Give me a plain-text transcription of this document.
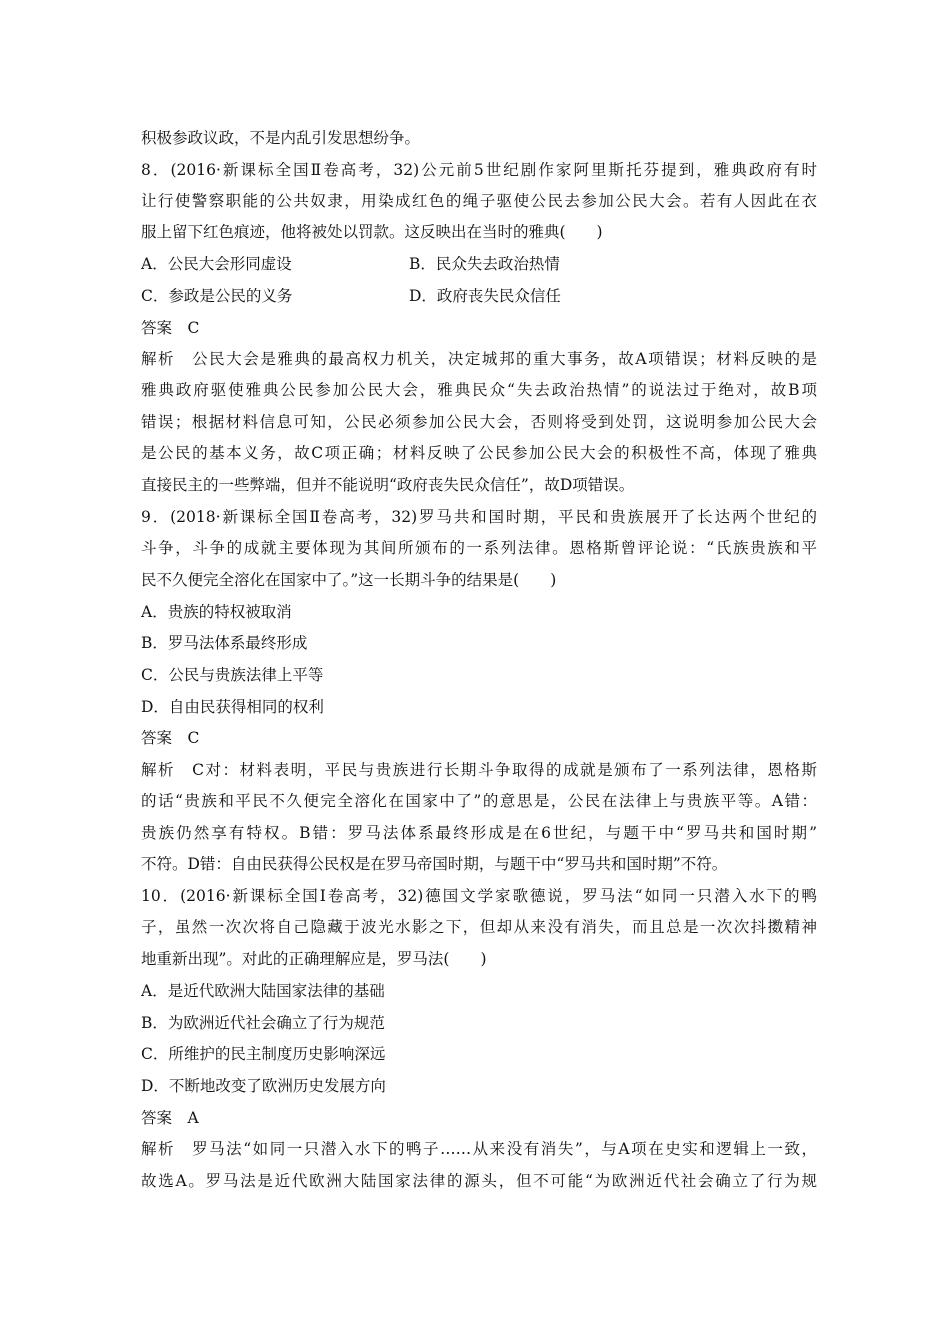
积极参政议政，不是内乱引发思想纷争。
8．(2016·新课标全国Ⅱ卷高考，32)公元前5世纪剧作家阿里斯托芬提到，雅典政府有时
让行使警察职能的公共奴隶，用染成红色的绳子驱使公民去参加公民大会。若有人因此在衣
服上留下红色痕迹，他将被处以罚款。这反映出在当时的雅典(　　)
A．公民大会形同虚设	B．民众失去政治热情
C．参政是公民的义务	D．政府丧失民众信任
答案　C
解析　公民大会是雅典的最高权力机关，决定城邦的重大事务，故A项错误；材料反映的是
雅典政府驱使雅典公民参加公民大会，雅典民众“失去政治热情”的说法过于绝对，故B项
错误；根据材料信息可知，公民必须参加公民大会，否则将受到处罚，这说明参加公民大会
是公民的基本义务，故C项正确；材料反映了公民参加公民大会的积极性不高，体现了雅典
直接民主的一些弊端，但并不能说明“政府丧失民众信任”，故D项错误。
9．(2018·新课标全国Ⅱ卷高考，32)罗马共和国时期，平民和贵族展开了长达两个世纪的
斗争，斗争的成就主要体现为其间所颁布的一系列法律。恩格斯曾评论说：“氏族贵族和平
民不久便完全溶化在国家中了。”这一长期斗争的结果是(　　)
A．贵族的特权被取消
B．罗马法体系最终形成
C．公民与贵族法律上平等
D．自由民获得相同的权利
答案　C
解析　C对：材料表明，平民与贵族进行长期斗争取得的成就是颁布了一系列法律，恩格斯
的话“贵族和平民不久便完全溶化在国家中了”的意思是，公民在法律上与贵族平等。A错：
贵族仍然享有特权。B错：罗马法体系最终形成是在6世纪，与题干中“罗马共和国时期”
不符。D错：自由民获得公民权是在罗马帝国时期，与题干中“罗马共和国时期”不符。
10．(2016·新课标全国Ⅰ卷高考，32)德国文学家歌德说，罗马法“如同一只潜入水下的鸭
子，虽然一次次将自己隐藏于波光水影之下，但却从来没有消失，而且总是一次次抖擞精神
地重新出现”。对此的正确理解应是，罗马法(　　)
A．是近代欧洲大陆国家法律的基础
B．为欧洲近代社会确立了行为规范
C．所维护的民主制度历史影响深远
D．不断地改变了欧洲历史发展方向
答案　A
解析　罗马法“如同一只潜入水下的鸭子……从来没有消失”，与A项在史实和逻辑上一致，
故选A。罗马法是近代欧洲大陆国家法律的源头，但不可能“为欧洲近代社会确立了行为规
